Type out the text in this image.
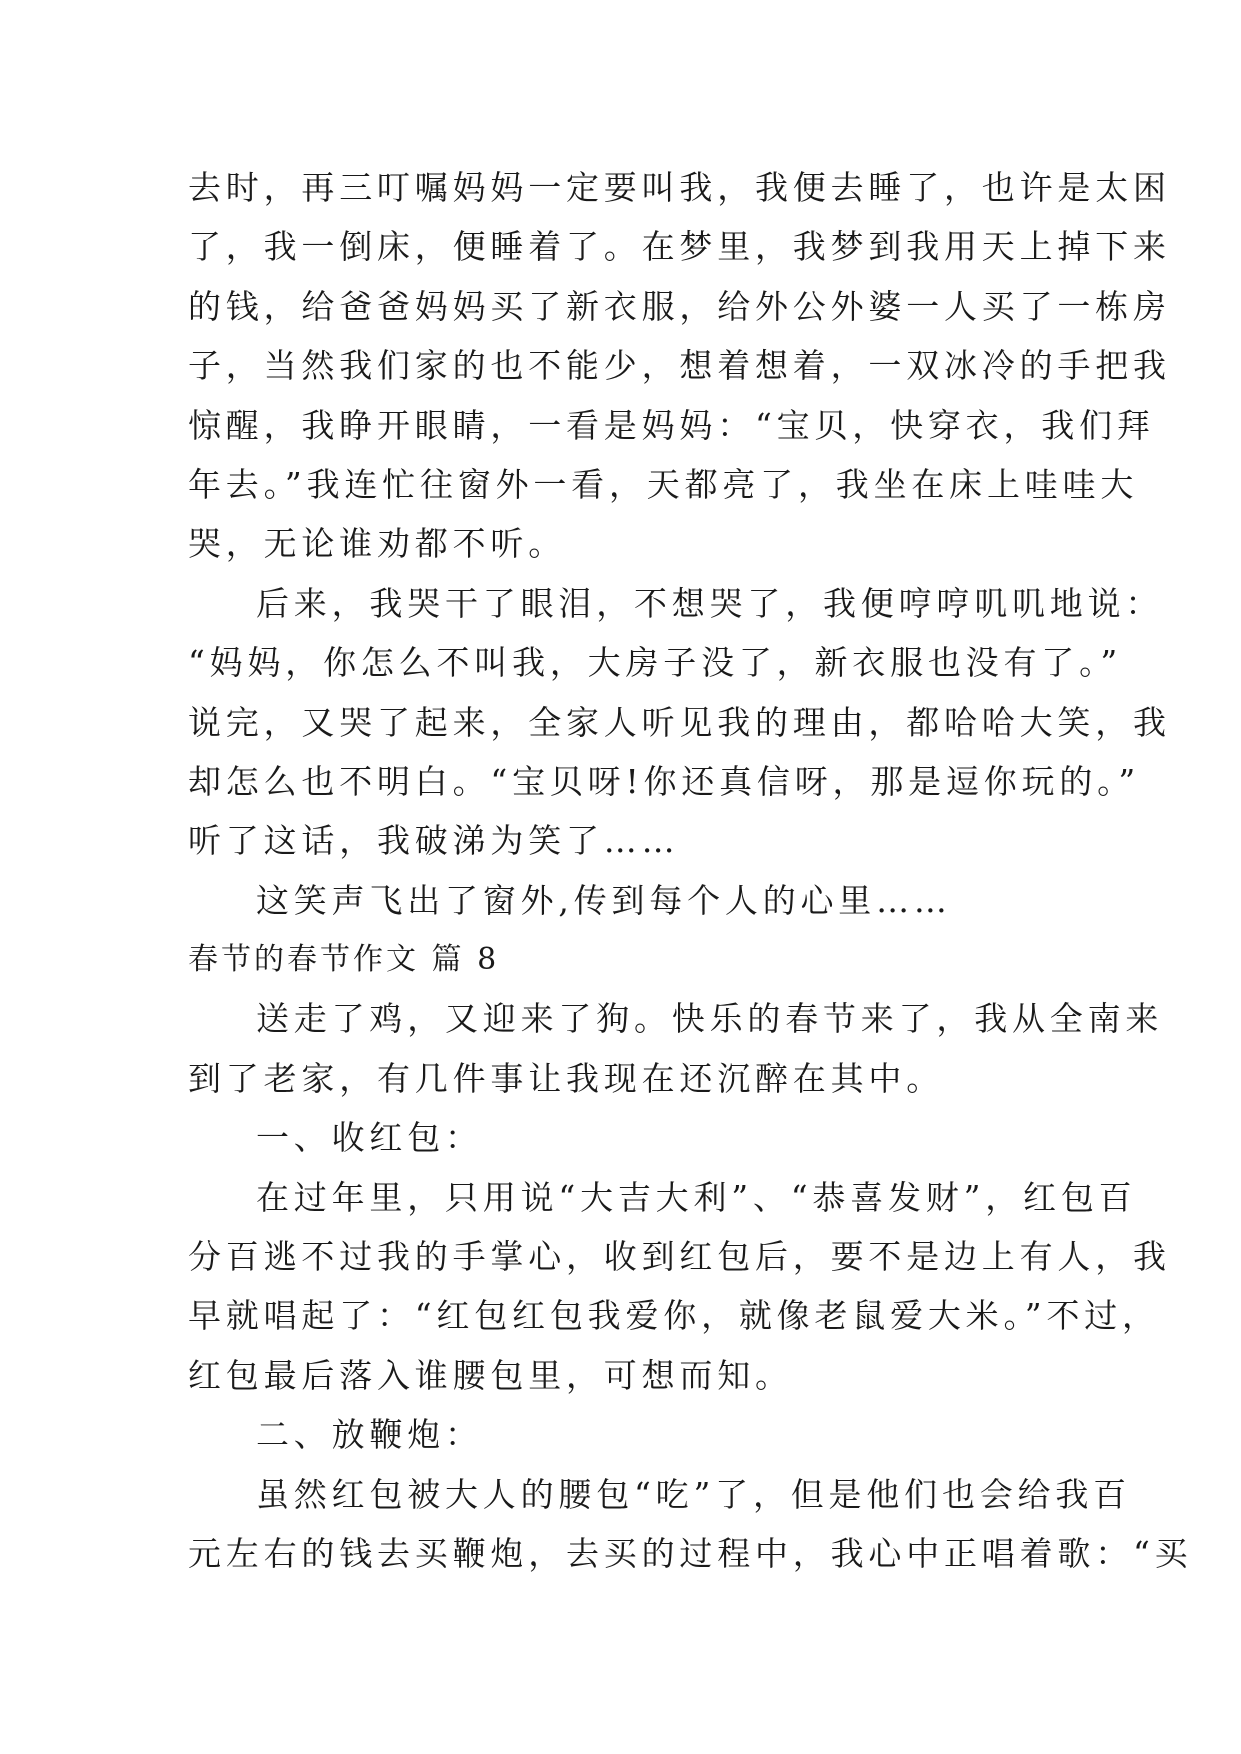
去时，再三叮嘱妈妈一定要叫我，我便去睡了，也许是太困
了，我一倒床，便睡着了。在梦里，我梦到我用天上掉下来
的钱，给爸爸妈妈买了新衣服，给外公外婆一人买了一栋房
子，当然我们家的也不能少，想着想着，一双冰冷的手把我
惊醒，我睁开眼睛，一看是妈妈：“宝贝，快穿衣，我们拜
年去。”我连忙往窗外一看，天都亮了，我坐在床上哇哇大
哭，无论谁劝都不听。
后来，我哭干了眼泪，不想哭了，我便哼哼叽叽地说：
“妈妈，你怎么不叫我，大房子没了，新衣服也没有了。”
说完，又哭了起来，全家人听见我的理由，都哈哈大笑，我
却怎么也不明白。“宝贝呀!你还真信呀，那是逗你玩的。”
听了这话，我破涕为笑了……
这笑声飞出了窗外,传到每个人的心里……
春节的春节作文 篇 8
送走了鸡，又迎来了狗。快乐的春节来了，我从全南来
到了老家，有几件事让我现在还沉醉在其中。
一、收红包：
在过年里，只用说“大吉大利”、“恭喜发财”，红包百
分百逃不过我的手掌心，收到红包后，要不是边上有人，我
早就唱起了：“红包红包我爱你，就像老鼠爱大米。”不过，
红包最后落入谁腰包里，可想而知。
二、放鞭炮：
虽然红包被大人的腰包“吃”了，但是他们也会给我百
元左右的钱去买鞭炮，去买的过程中，我心中正唱着歌：“买
